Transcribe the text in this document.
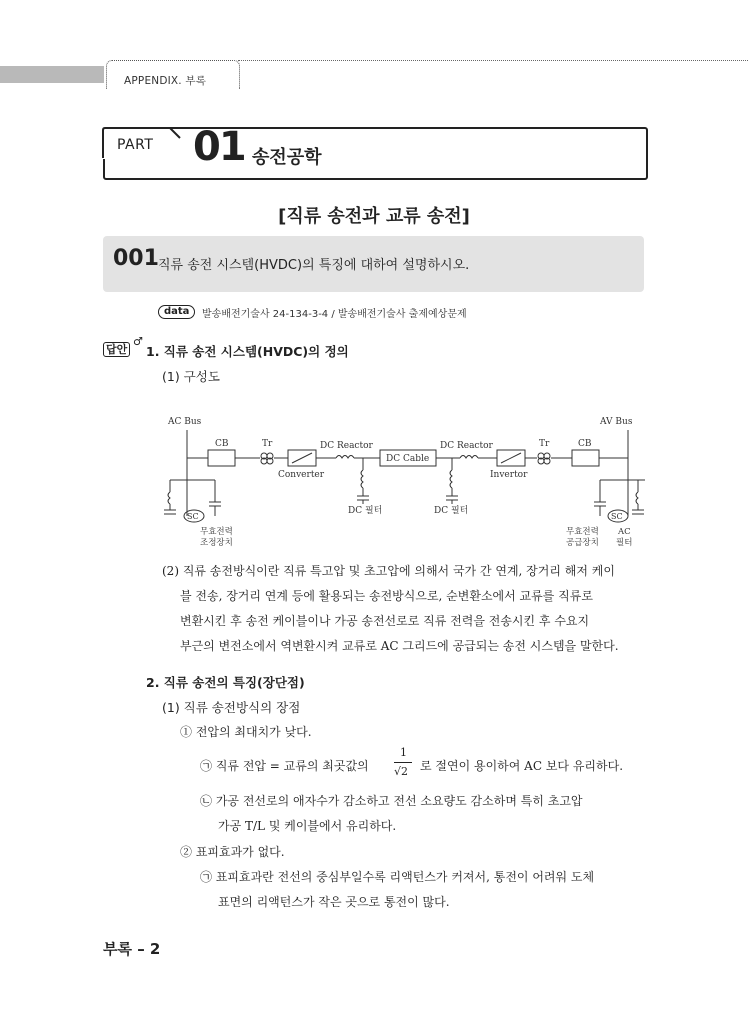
APPENDIX. 부록
PART 01 송전공학
[직류 송전과 교류 송전]
001 직류 송전 시스템(HVDC)의 특징에 대하여 설명하시오.
data	발송배전기술사 24-134-3-4 / 발송배전기술사 출제예상문제
답안
♂
1. 직류 송전 시스템(HVDC)의 정의
(1) 구성도
AC Bus	AV Bus
CB	CB
Tr	Tr
DC Reactor	DC Reactor
DC Cable
Converter	Invertor
DC 필터	DC 필터
SC	SC
무효전력
조정장치
무효전력
공급장치
AC
필터
(2) 직류 송전방식이란 직류 특고압 및 초고압에 의해서 국가 간 연계, 장거리 해저 케이
블 전송, 장거리 연계 등에 활용되는 송전방식으로, 순변환소에서 교류를 직류로
변환시킨 후 송전 케이블이나 가공 송전선로로 직류 전력을 전송시킨 후 수요지
부근의 변전소에서 역변환시켜 교류로 AC 그리드에 공급되는 송전 시스템을 말한다.
2. 직류 송전의 특징(장단점)
(1) 직류 송전방식의 장점
① 전압의 최대치가 낮다.
㉠ 직류 전압 = 교류의 최곳값의
1
√2 로 절연이 용이하여 AC 보다 유리하다.
㉡ 가공 전선로의 애자수가 감소하고 전선 소요량도 감소하며 특히 초고압
가공 T/L 및 케이블에서 유리하다.
② 표피효과가 없다.
㉠ 표피효과란 전선의 중심부일수록 리액턴스가 커져서, 통전이 어려워 도체
표면의 리액턴스가 작은 곳으로 통전이 많다.
부록 – 2
